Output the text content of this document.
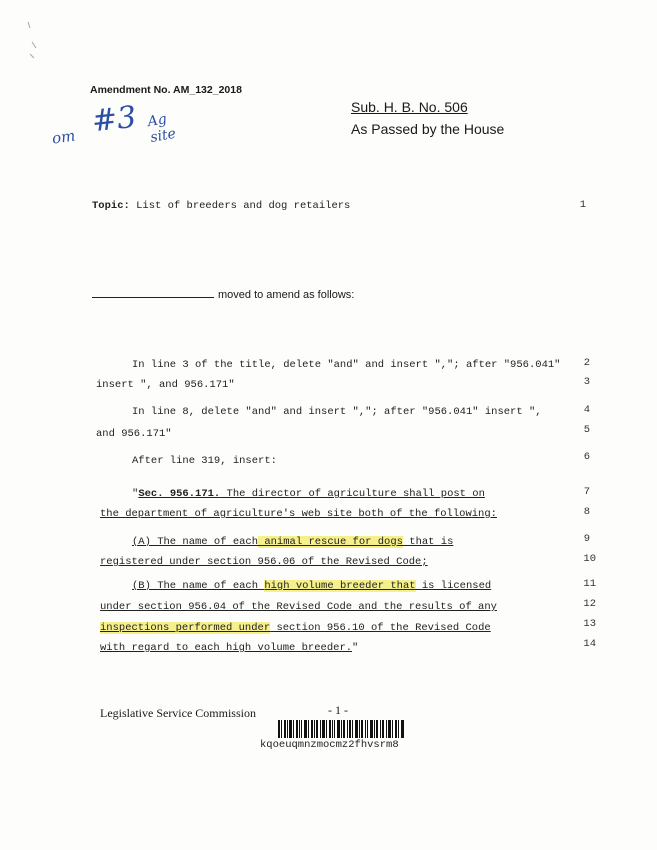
Amendment No. AM_132_2018
om #3 Ag site
Sub. H. B. No. 506
As Passed by the House
Topic: List of breeders and dog retailers	1
moved to amend as follows:
In line 3 of the title, delete "and" and insert ","; after "956.041"
insert ", and 956.171"
In line 8, delete "and" and insert ","; after "956.041" insert ",
and 956.171"
After line 319, insert:
"Sec. 956.171. The director of agriculture shall post on
the department of agriculture's web site both of the following:
(A) The name of each animal rescue for dogs that is
registered under section 956.06 of the Revised Code;
(B) The name of each high volume breeder that is licensed
under section 956.04 of the Revised Code and the results of any
inspections performed under section 956.10 of the Revised Code
with regard to each high volume breeder."
2
3
4
5
6
7
8
9
10
11
12
13
14
Legislative Service Commission	- 1 -
kqoeuqmnzmocmz2fhvsrm8
